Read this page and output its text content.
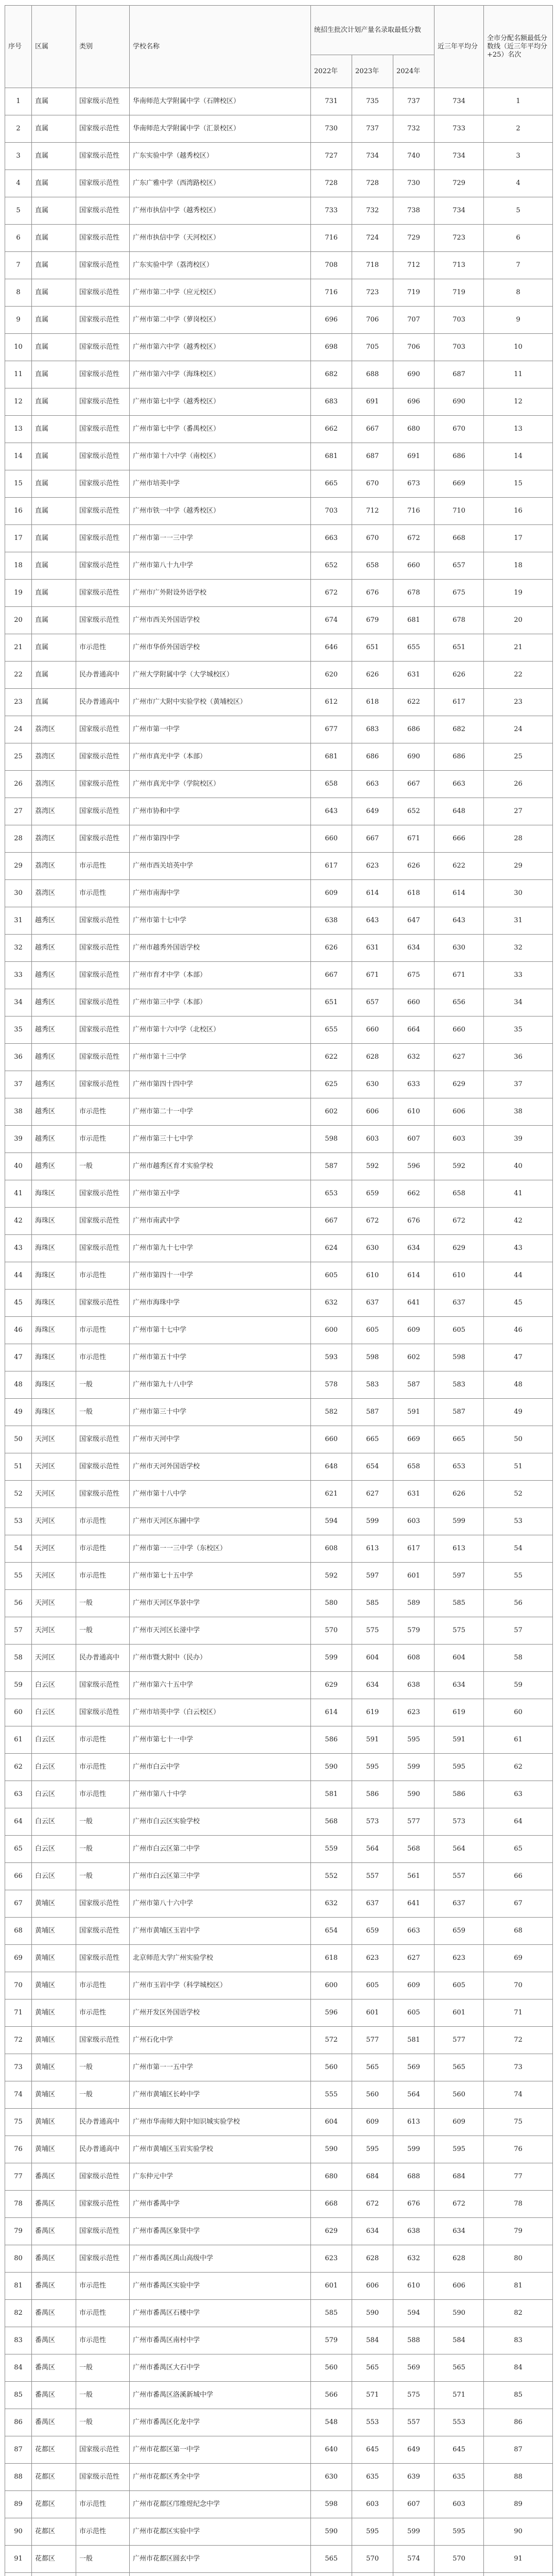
序号	区属	类别	学校名称	统招生批次计划产量名录取最低分数			近三年平均分	全市分配名额最低分数线（近三年平均分+25）名次
				2022年	2023年	2024年		
1	直属	国家级示范性	华南师范大学附属中学（石牌校区）	731	735	737	734	1
2	直属	国家级示范性	华南师范大学附属中学（汇景校区）	730	737	732	733	2
3	直属	国家级示范性	广东实验中学（越秀校区）	727	734	740	734	3
4	直属	国家级示范性	广东广雅中学（西湾路校区）	728	728	730	729	4
5	直属	国家级示范性	广州市执信中学（越秀校区）	733	732	738	734	5
6	直属	国家级示范性	广州市执信中学（天河校区）	716	724	729	723	6
7	直属	国家级示范性	广东实验中学（荔湾校区）	708	718	712	713	7
8	直属	国家级示范性	广州市第二中学（应元校区）	716	723	719	719	8
9	直属	国家级示范性	广州市第二中学（萝岗校区）	696	706	707	703	9
10	直属	国家级示范性	广州市第六中学（越秀校区）	698	705	706	703	10
11	直属	国家级示范性	广州市第六中学（海珠校区）	682	688	690	687	11
12	直属	国家级示范性	广州市第七中学（越秀校区）	683	691	696	690	12
13	直属	国家级示范性	广州市第七中学（番禺校区）	662	667	680	670	13
14	直属	国家级示范性	广州市第十六中学（南校区）	681	687	691	686	14
15	直属	国家级示范性	广州市培英中学	665	670	673	669	15
16	直属	国家级示范性	广州市铁一中学（越秀校区）	703	712	716	710	16
17	直属	国家级示范性	广州市第一一三中学	663	670	672	668	17
18	直属	国家级示范性	广州市第八十九中学	652	658	660	657	18
19	直属	国家级示范性	广州市广外附设外语学校	672	676	678	675	19
20	直属	国家级示范性	广州市西关外国语学校	674	679	681	678	20
21	直属	市示范性	广州市华侨外国语学校	646	651	655	651	21
22	直属	民办普通高中	广州大学附属中学（大学城校区）	620	626	631	626	22
23	直属	民办普通高中	广州市广大附中实验学校（黄埔校区）	612	618	622	617	23
24	荔湾区	国家级示范性	广州市第一中学	677	683	686	682	24
25	荔湾区	国家级示范性	广州市真光中学（本部）	681	686	690	686	25
26	荔湾区	国家级示范性	广州市真光中学（学院校区）	658	663	667	663	26
27	荔湾区	国家级示范性	广州市协和中学	643	649	652	648	27
28	荔湾区	国家级示范性	广州市第四中学	660	667	671	666	28
29	荔湾区	市示范性	广州市西关培英中学	617	623	626	622	29
30	荔湾区	市示范性	广州市南海中学	609	614	618	614	30
31	越秀区	国家级示范性	广州市第十七中学	638	643	647	643	31
32	越秀区	国家级示范性	广州市越秀外国语学校	626	631	634	630	32
33	越秀区	国家级示范性	广州市育才中学（本部）	667	671	675	671	33
34	越秀区	国家级示范性	广州市第三中学（本部）	651	657	660	656	34
35	越秀区	国家级示范性	广州市第十六中学（北校区）	655	660	664	660	35
36	越秀区	国家级示范性	广州市第十三中学	622	628	632	627	36
37	越秀区	国家级示范性	广州市第四十四中学	625	630	633	629	37
38	越秀区	市示范性	广州市第二十一中学	602	606	610	606	38
39	越秀区	市示范性	广州市第三十七中学	598	603	607	603	39
40	越秀区	一般	广州市越秀区育才实验学校	587	592	596	592	40
41	海珠区	国家级示范性	广州市第五中学	653	659	662	658	41
42	海珠区	国家级示范性	广州市南武中学	667	672	676	672	42
43	海珠区	国家级示范性	广州市第九十七中学	624	630	634	629	43
44	海珠区	市示范性	广州市第四十一中学	605	610	614	610	44
45	海珠区	国家级示范性	广州市海珠中学	632	637	641	637	45
46	海珠区	市示范性	广州市第十七中学	600	605	609	605	46
47	海珠区	市示范性	广州市第五十中学	593	598	602	598	47
48	海珠区	一般	广州市第九十八中学	578	583	587	583	48
49	海珠区	一般	广州市第三十中学	582	587	591	587	49
50	天河区	国家级示范性	广州市天河中学	660	665	669	665	50
51	天河区	国家级示范性	广州市天河外国语学校	648	654	658	653	51
52	天河区	国家级示范性	广州市第十八中学	621	627	631	626	52
53	天河区	市示范性	广州市天河区东圃中学	594	599	603	599	53
54	天河区	市示范性	广州市第一一三中学（东校区）	608	613	617	613	54
55	天河区	市示范性	广州市第七十五中学	592	597	601	597	55
56	天河区	一般	广州市天河区华景中学	580	585	589	585	56
57	天河区	一般	广州市天河区长湴中学	570	575	579	575	57
58	天河区	民办普通高中	广州市暨大附中（民办）	599	604	608	604	58
59	白云区	国家级示范性	广州市第六十五中学	629	634	638	634	59
60	白云区	国家级示范性	广州市培英中学（白云校区）	614	619	623	619	60
61	白云区	市示范性	广州市第七十一中学	586	591	595	591	61
62	白云区	市示范性	广州市白云中学	590	595	599	595	62
63	白云区	市示范性	广州市第八十中学	581	586	590	586	63
64	白云区	一般	广州市白云区实验学校	568	573	577	573	64
65	白云区	一般	广州市白云区第二中学	559	564	568	564	65
66	白云区	一般	广州市白云区第三中学	552	557	561	557	66
67	黄埔区	国家级示范性	广州市第八十六中学	632	637	641	637	67
68	黄埔区	国家级示范性	广州市黄埔区玉岩中学	654	659	663	659	68
69	黄埔区	国家级示范性	北京师范大学广州实验学校	618	623	627	623	69
70	黄埔区	市示范性	广州市玉岩中学（科学城校区）	600	605	609	605	70
71	黄埔区	市示范性	广州开发区外国语学校	596	601	605	601	71
72	黄埔区	国家级示范性	广州石化中学	572	577	581	577	72
73	黄埔区	一般	广州市第一一五中学	560	565	569	565	73
74	黄埔区	一般	广州市黄埔区长岭中学	555	560	564	560	74
75	黄埔区	民办普通高中	广州市华南师大附中知识城实验学校	604	609	613	609	75
76	黄埔区	民办普通高中	广州市黄埔区玉岩实验学校	590	595	599	595	76
77	番禺区	国家级示范性	广东仲元中学	680	684	688	684	77
78	番禺区	国家级示范性	广州市番禺中学	668	672	676	672	78
79	番禺区	国家级示范性	广州市番禺区象贤中学	629	634	638	634	79
80	番禺区	国家级示范性	广州市番禺区禺山高级中学	623	628	632	628	80
81	番禺区	市示范性	广州市番禺区实验中学	601	606	610	606	81
82	番禺区	市示范性	广州市番禺区石楼中学	585	590	594	590	82
83	番禺区	市示范性	广州市番禺区南村中学	579	584	588	584	83
84	番禺区	一般	广州市番禺区大石中学	560	565	569	565	84
85	番禺区	一般	广州市番禺区洛溪新城中学	566	571	575	571	85
86	番禺区	一般	广州市番禺区化龙中学	548	553	557	553	86
87	花都区	国家级示范性	广州市花都区第一中学	640	645	649	645	87
88	花都区	国家级示范性	广州市花都区秀全中学	630	635	639	635	88
89	花都区	市示范性	广州市花都区邝维煜纪念中学	598	603	607	603	89
90	花都区	市示范性	广州市花都区实验中学	590	595	599	595	90
91	花都区	一般	广州市花都区圆玄中学	565	570	574	570	91
